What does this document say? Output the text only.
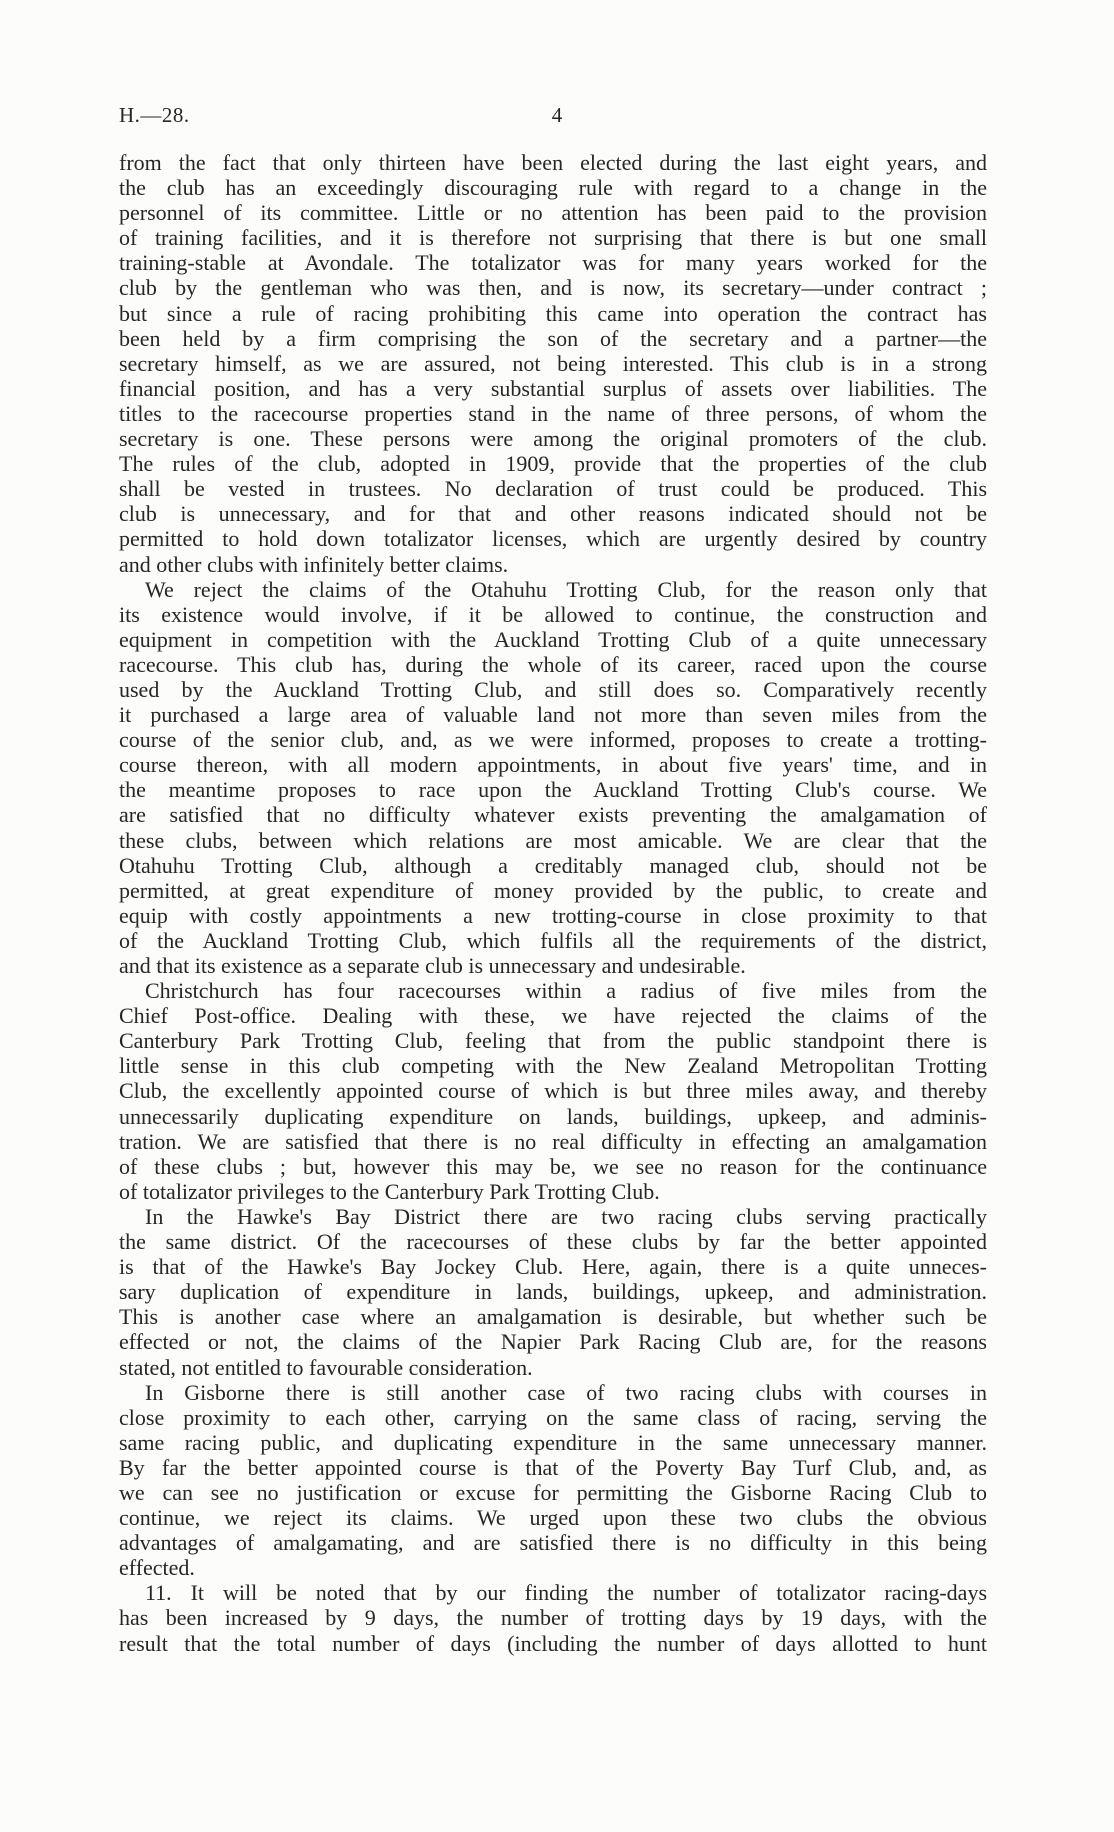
H.—28.	4
from the fact that only thirteen have been elected during the last eight years, and
the club has an exceedingly discouraging rule with regard to a change in the
personnel of its committee. Little or no attention has been paid to the provision
of training facilities, and it is therefore not surprising that there is but one small
training-stable at Avondale. The totalizator was for many years worked for the
club by the gentleman who was then, and is now, its secretary—under contract ;
but since a rule of racing prohibiting this came into operation the contract has
been held by a firm comprising the son of the secretary and a partner—the
secretary himself, as we are assured, not being interested. This club is in a strong
financial position, and has a very substantial surplus of assets over liabilities. The
titles to the racecourse properties stand in the name of three persons, of whom the
secretary is one. These persons were among the original promoters of the club.
The rules of the club, adopted in 1909, provide that the properties of the club
shall be vested in trustees. No declaration of trust could be produced. This
club is unnecessary, and for that and other reasons indicated should not be
permitted to hold down totalizator licenses, which are urgently desired by country
and other clubs with infinitely better claims.
We reject the claims of the Otahuhu Trotting Club, for the reason only that
its existence would involve, if it be allowed to continue, the construction and
equipment in competition with the Auckland Trotting Club of a quite unnecessary
racecourse. This club has, during the whole of its career, raced upon the course
used by the Auckland Trotting Club, and still does so. Comparatively recently
it purchased a large area of valuable land not more than seven miles from the
course of the senior club, and, as we were informed, proposes to create a trotting-
course thereon, with all modern appointments, in about five years' time, and in
the meantime proposes to race upon the Auckland Trotting Club's course. We
are satisfied that no difficulty whatever exists preventing the amalgamation of
these clubs, between which relations are most amicable. We are clear that the
Otahuhu Trotting Club, although a creditably managed club, should not be
permitted, at great expenditure of money provided by the public, to create and
equip with costly appointments a new trotting-course in close proximity to that
of the Auckland Trotting Club, which fulfils all the requirements of the district,
and that its existence as a separate club is unnecessary and undesirable.
Christchurch has four racecourses within a radius of five miles from the
Chief Post-office. Dealing with these, we have rejected the claims of the
Canterbury Park Trotting Club, feeling that from the public standpoint there is
little sense in this club competing with the New Zealand Metropolitan Trotting
Club, the excellently appointed course of which is but three miles away, and thereby
unnecessarily duplicating expenditure on lands, buildings, upkeep, and adminis-
tration. We are satisfied that there is no real difficulty in effecting an amalgamation
of these clubs ; but, however this may be, we see no reason for the continuance
of totalizator privileges to the Canterbury Park Trotting Club.
In the Hawke's Bay District there are two racing clubs serving practically
the same district. Of the racecourses of these clubs by far the better appointed
is that of the Hawke's Bay Jockey Club. Here, again, there is a quite unneces-
sary duplication of expenditure in lands, buildings, upkeep, and administration.
This is another case where an amalgamation is desirable, but whether such be
effected or not, the claims of the Napier Park Racing Club are, for the reasons
stated, not entitled to favourable consideration.
In Gisborne there is still another case of two racing clubs with courses in
close proximity to each other, carrying on the same class of racing, serving the
same racing public, and duplicating expenditure in the same unnecessary manner.
By far the better appointed course is that of the Poverty Bay Turf Club, and, as
we can see no justification or excuse for permitting the Gisborne Racing Club to
continue, we reject its claims. We urged upon these two clubs the obvious
advantages of amalgamating, and are satisfied there is no difficulty in this being
effected.
11. It will be noted that by our finding the number of totalizator racing-days
has been increased by 9 days, the number of trotting days by 19 days, with the
result that the total number of days (including the number of days allotted to hunt
